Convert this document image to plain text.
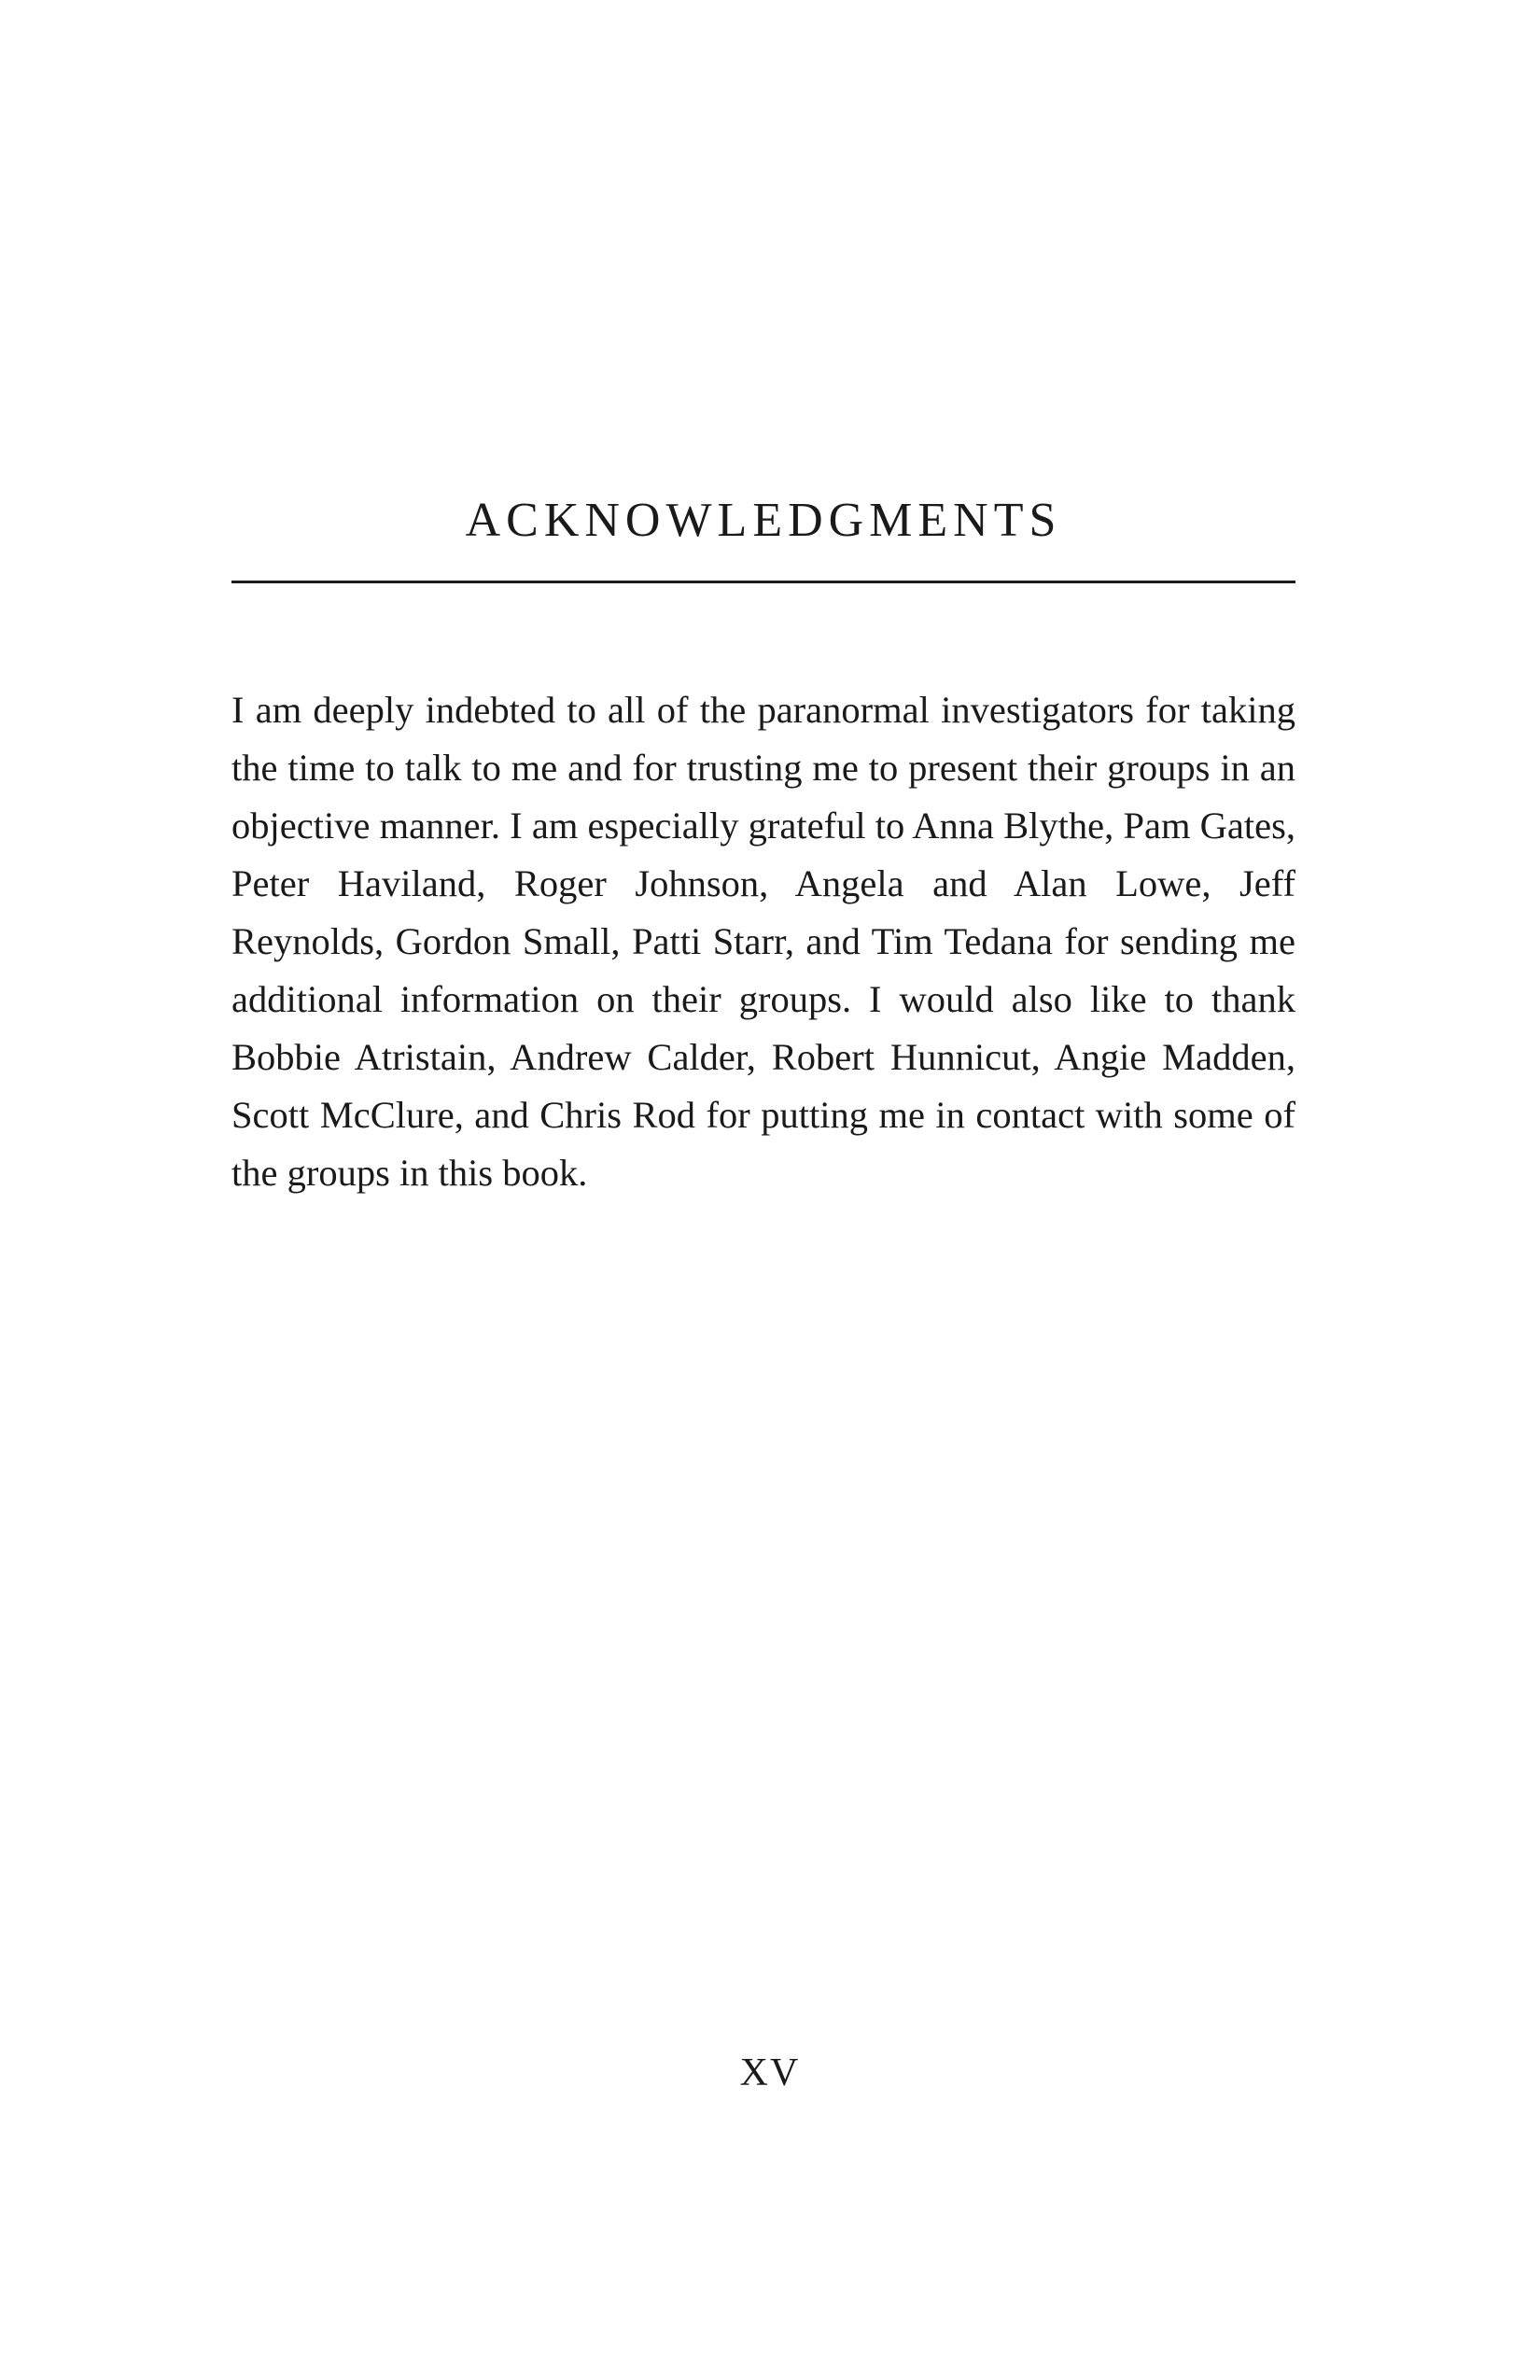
ACKNOWLEDGMENTS

I am deeply indebted to all of the paranormal investigators for taking the time to talk to me and for trusting me to present their groups in an objective manner. I am especially grateful to Anna Blythe, Pam Gates, Peter Haviland, Roger Johnson, Angela and Alan Lowe, Jeff Reynolds, Gordon Small, Patti Starr, and Tim Tedana for sending me additional information on their groups. I would also like to thank Bobbie Atristain, Andrew Calder, Robert Hunnicut, Angie Madden, Scott McClure, and Chris Rod for putting me in contact with some of the groups in this book.

XV
